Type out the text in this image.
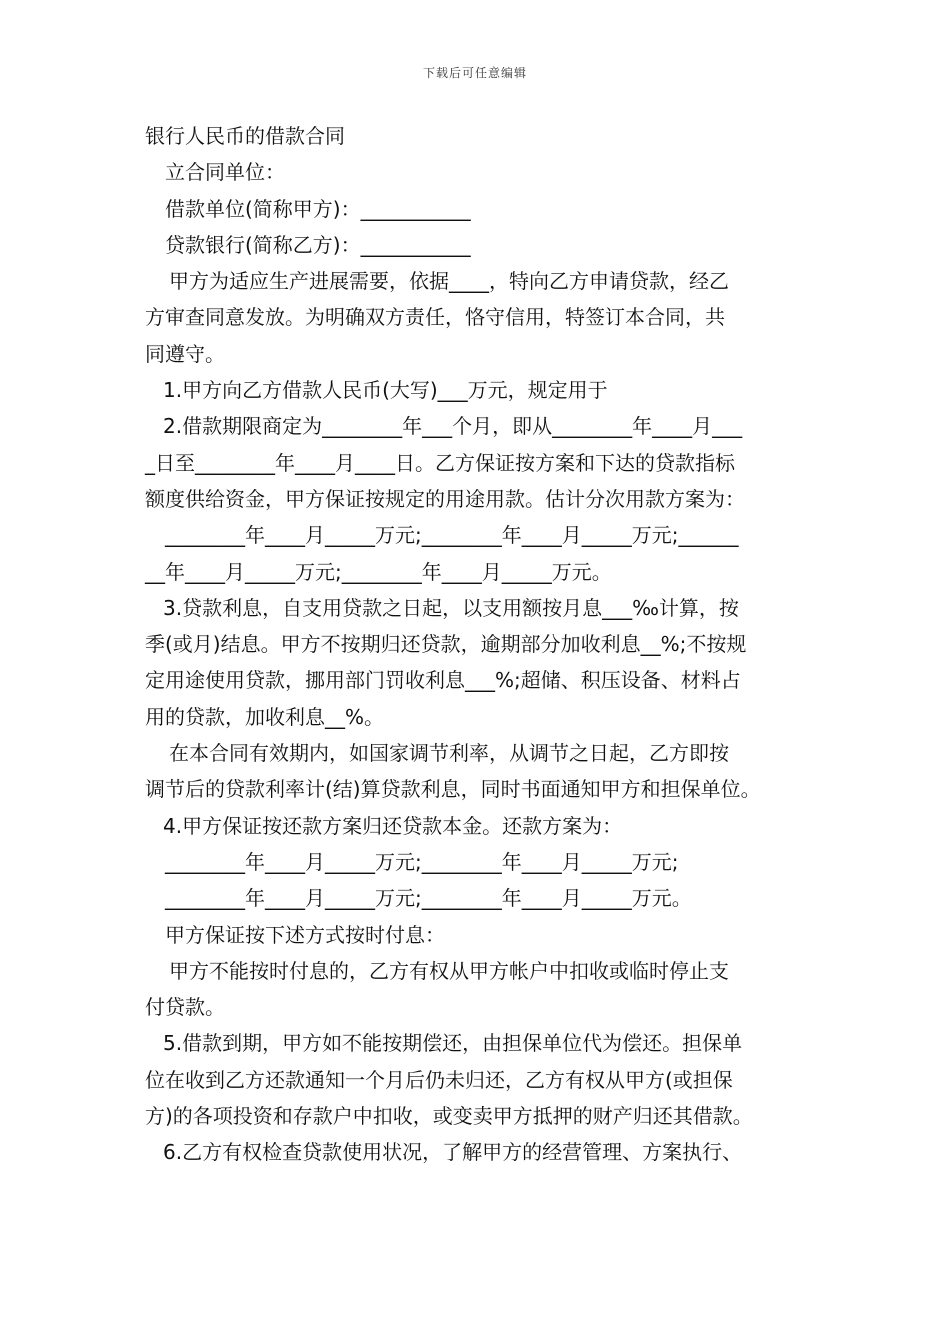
下载后可任意编辑
银行人民币的借款合同
立合同单位：
借款单位(简称甲方)：___________
贷款银行(简称乙方)：___________
甲方为适应生产进展需要，依据____，特向乙方申请贷款，经乙
方审查同意发放。为明确双方责任，恪守信用，特签订本合同，共
同遵守。
1.甲方向乙方借款人民币(大写)___万元，规定用于
2.借款期限商定为________年___个月，即从________年____月___
_日至________年____月____日。乙方保证按方案和下达的贷款指标
额度供给资金，甲方保证按规定的用途用款。估计分次用款方案为：
________年____月_____万元;________年____月_____万元;______
__年____月_____万元;________年____月_____万元。
3.贷款利息，自支用贷款之日起，以支用额按月息___‰计算，按
季(或月)结息。甲方不按期归还贷款，逾期部分加收利息__%;不按规
定用途使用贷款，挪用部门罚收利息___%;超储、积压设备、材料占
用的贷款，加收利息__%。
在本合同有效期内，如国家调节利率，从调节之日起，乙方即按
调节后的贷款利率计(结)算贷款利息，同时书面通知甲方和担保单位。
4.甲方保证按还款方案归还贷款本金。还款方案为：
________年____月_____万元;________年____月_____万元;
________年____月_____万元;________年____月_____万元。
甲方保证按下述方式按时付息：
甲方不能按时付息的，乙方有权从甲方帐户中扣收或临时停止支
付贷款。
5.借款到期，甲方如不能按期偿还，由担保单位代为偿还。担保单
位在收到乙方还款通知一个月后仍未归还，乙方有权从甲方(或担保
方)的各项投资和存款户中扣收，或变卖甲方抵押的财产归还其借款。
6.乙方有权检查贷款使用状况，了解甲方的经营管理、方案执行、
